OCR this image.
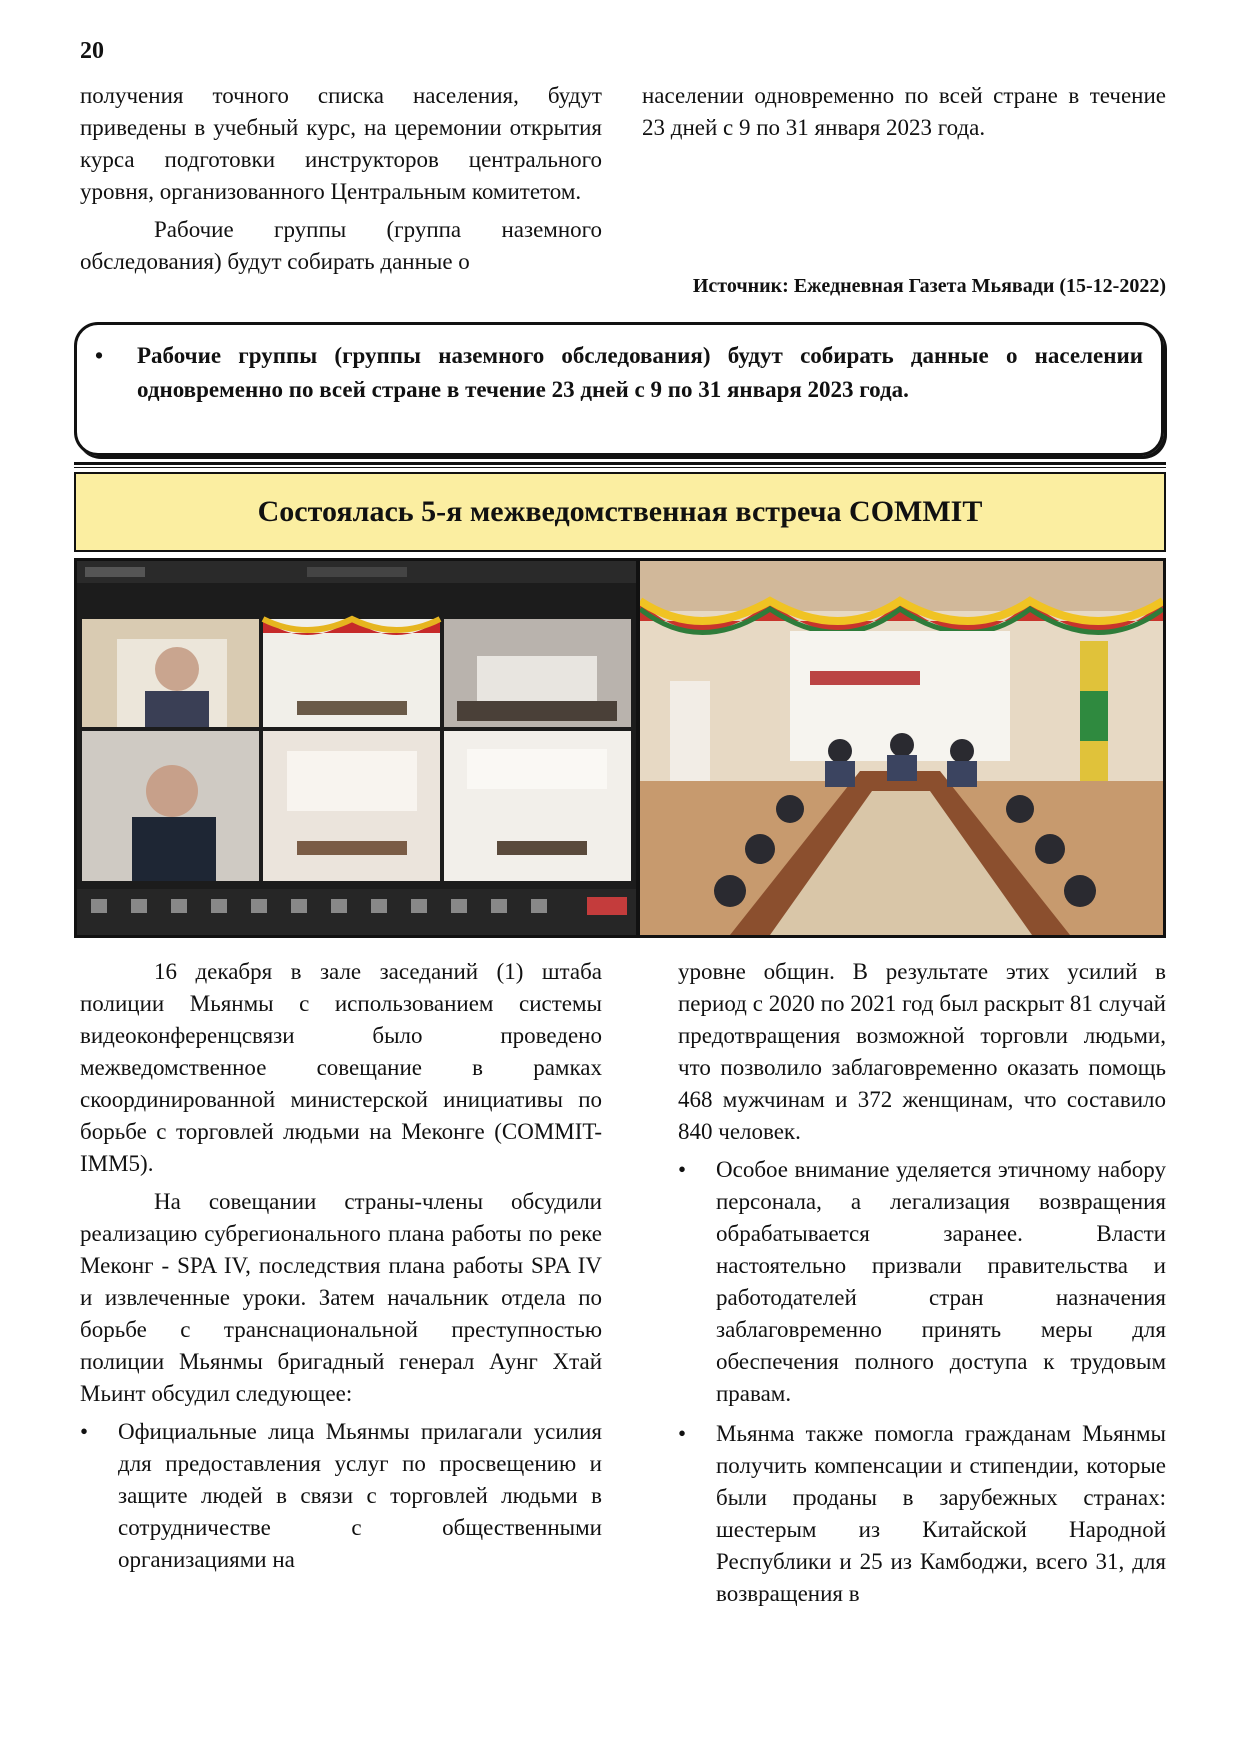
20

получения точного списка населения, будут приведены в учебный курс, на церемонии открытия курса подготовки инструкторов центрального уровня, организованного Центральным комитетом.

Рабочие группы (группа наземного обследования) будут собирать данные о

населении одновременно по всей стране в течение 23 дней с 9 по 31 января 2023 года.

Источник: Ежедневная Газета Мьявади (15-12-2022)
• Рабочие группы (группы наземного обследования) будут собирать данные о населении одновременно по всей стране в течение 23 дней с 9 по 31 января 2023 года.
Состоялась 5-я межведомственная встреча COMMIT

16 декабря в зале заседаний (1) штаба полиции Мьянмы с использованием системы видеоконференцсвязи было проведено межведомственное совещание в рамках скоординированной министерской инициативы по борьбе с торговлей людьми на Меконге (COMMIT-IMM5).

На совещании страны-члены обсудили реализацию субрегионального плана работы по реке Меконг - SPA IV, последствия плана работы SPA IV и извлеченные уроки. Затем начальник отдела по борьбе с транснациональной преступностью полиции Мьянмы бригадный генерал Аунг Хтай Мьинт обсудил следующее:

• Официальные лица Мьянмы прилагали усилия для предоставления услуг по просвещению и защите людей в связи с торговлей людьми в сотрудничестве с общественными организациями на

уровне общин. В результате этих усилий в период с 2020 по 2021 год был раскрыт 81 случай предотвращения возможной торговли людьми, что позволило заблаговременно оказать помощь 468 мужчинам и 372 женщинам, что составило 840 человек.

• Особое внимание уделяется этичному набору персонала, а легализация возвращения обрабатывается заранее. Власти настоятельно призвали правительства и работодателей стран назначения заблаговременно принять меры для обеспечения полного доступа к трудовым правам.
• Мьянма также помогла гражданам Мьянмы получить компенсации и стипендии, которые были проданы в зарубежных странах: шестерым из Китайской Народной Республики и 25 из Камбоджи, всего 31, для возвращения в
